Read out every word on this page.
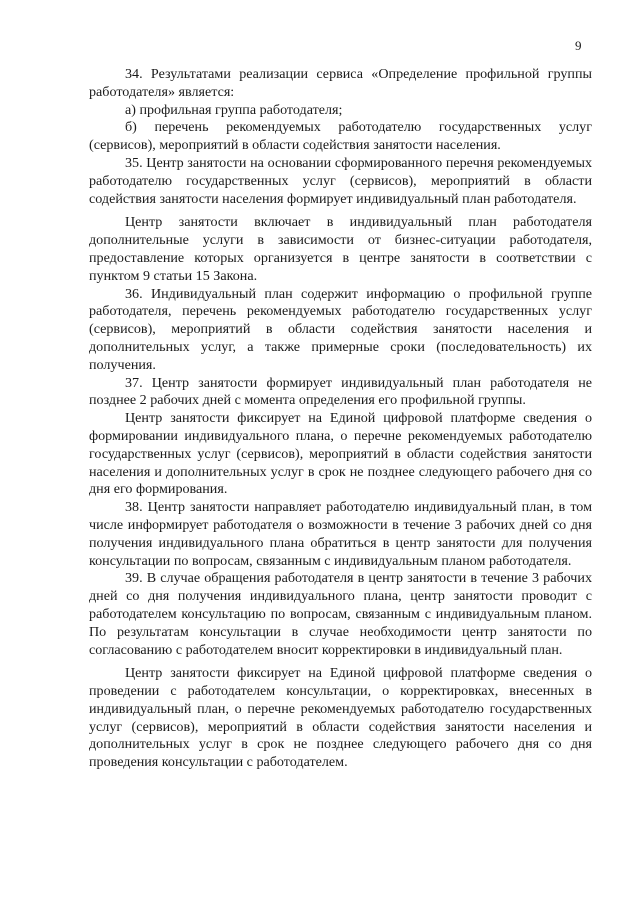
9

34. Результатами реализации сервиса «Определение профильной группы работодателя» является:

а) профильная группа работодателя;

б) перечень рекомендуемых работодателю государственных услуг (сервисов), мероприятий в области содействия занятости населения.

35. Центр занятости на основании сформированного перечня рекомендуемых работодателю государственных услуг (сервисов), мероприятий в области содействия занятости населения формирует индивидуальный план работодателя.

Центр занятости включает в индивидуальный план работодателя дополнительные услуги в зависимости от бизнес-ситуации работодателя, предоставление которых организуется в центре занятости в соответствии с пунктом 9 статьи 15 Закона.

36. Индивидуальный план содержит информацию о профильной группе работодателя, перечень рекомендуемых работодателю государственных услуг (сервисов), мероприятий в области содействия занятости населения и дополнительных услуг, а также примерные сроки (последовательность) их получения.

37. Центр занятости формирует индивидуальный план работодателя не позднее 2 рабочих дней с момента определения его профильной группы.

Центр занятости фиксирует на Единой цифровой платформе сведения о формировании индивидуального плана, о перечне рекомендуемых работодателю государственных услуг (сервисов), мероприятий в области содействия занятости населения и дополнительных услуг в срок не позднее следующего рабочего дня со дня его формирования.

38. Центр занятости направляет работодателю индивидуальный план, в том числе информирует работодателя о возможности в течение 3 рабочих дней со дня получения индивидуального плана обратиться в центр занятости для получения консультации по вопросам, связанным с индивидуальным планом работодателя.

39. В случае обращения работодателя в центр занятости в течение 3 рабочих дней со дня получения индивидуального плана, центр занятости проводит с работодателем консультацию по вопросам, связанным с индивидуальным планом. По результатам консультации в случае необходимости центр занятости по согласованию с работодателем вносит корректировки в индивидуальный план.

Центр занятости фиксирует на Единой цифровой платформе сведения о проведении с работодателем консультации, о корректировках, внесенных в индивидуальный план, о перечне рекомендуемых работодателю государственных услуг (сервисов), мероприятий в области содействия занятости населения и дополнительных услуг в срок не позднее следующего рабочего дня со дня проведения консультации с работодателем.
